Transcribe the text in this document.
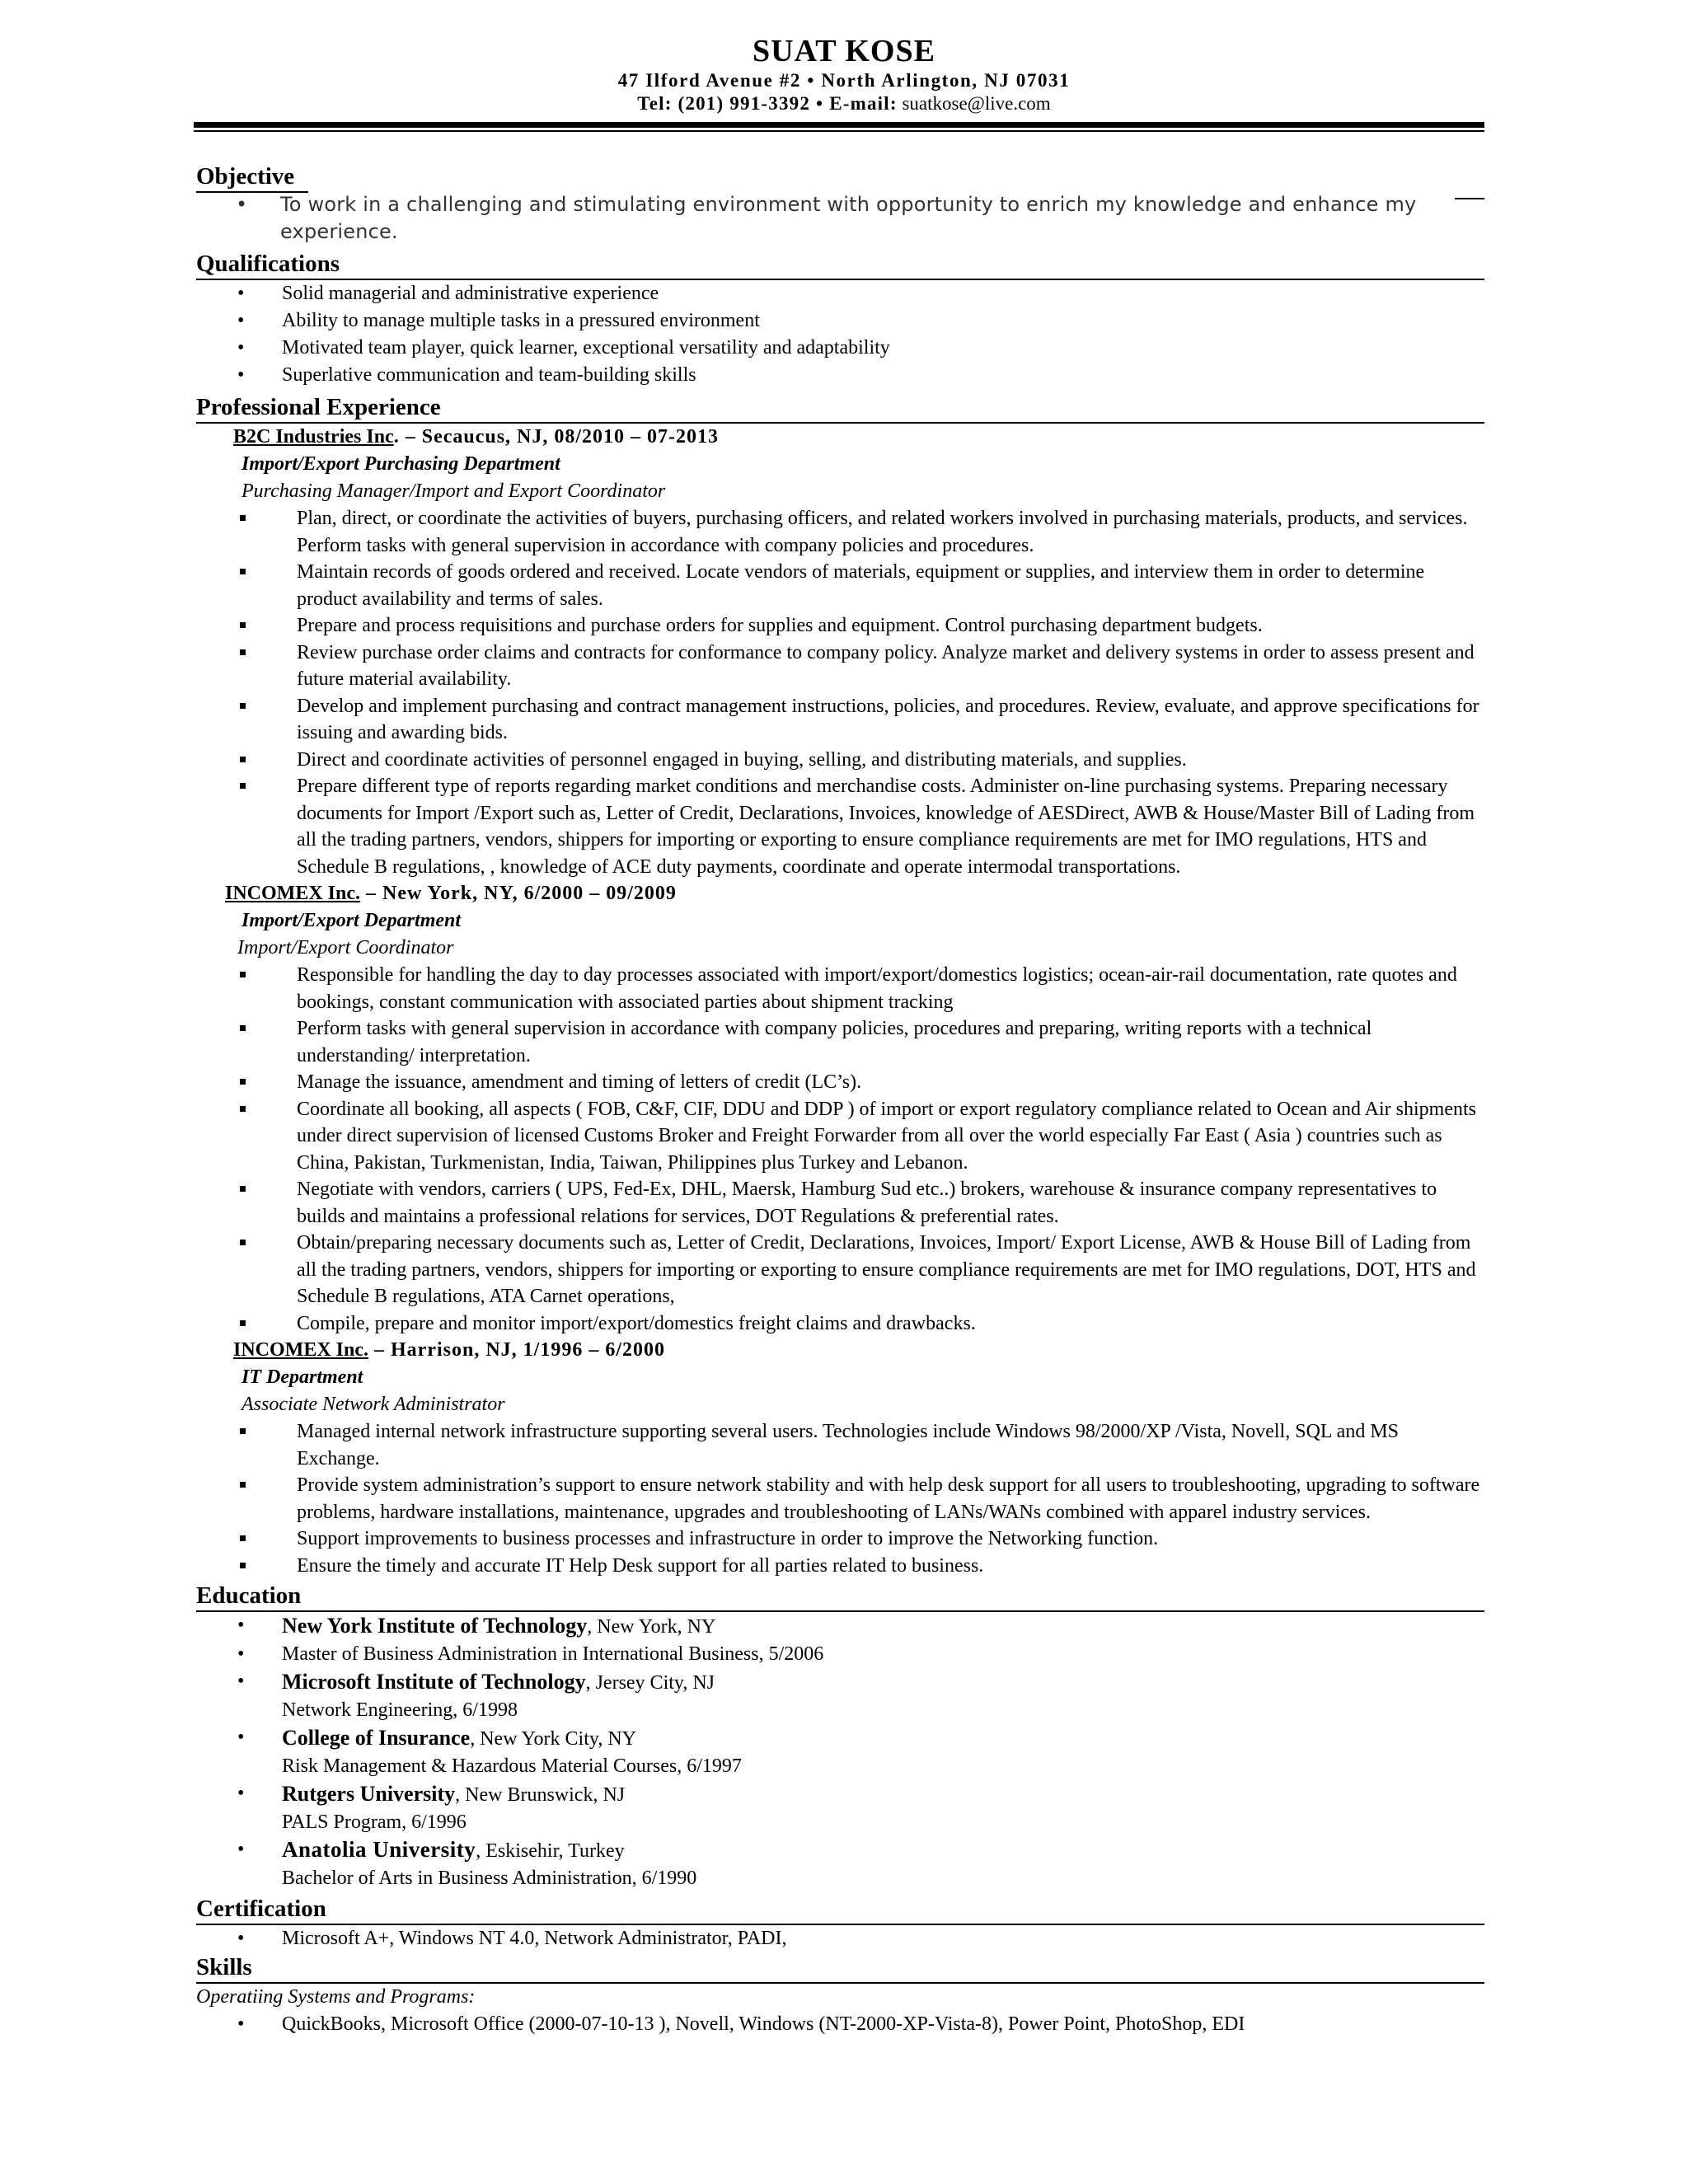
SUAT KOSE
47 Ilford Avenue #2 • North Arlington, NJ 07031
Tel: (201) 991-3392 • E-mail: suatkose@live.com
Objective
• To work in a challenging and stimulating environment with opportunity to enrich my knowledge and enhance my experience.
Qualifications
• Solid managerial and administrative experience
• Ability to manage multiple tasks in a pressured environment
• Motivated team player, quick learner, exceptional versatility and adaptability
• Superlative communication and team-building skills
Professional Experience
B2C Industries Inc. – Secaucus, NJ, 08/2010 – 07-2013
Import/Export Purchasing Department
Purchasing Manager/Import and Export Coordinator
Plan, direct, or coordinate the activities of buyers, purchasing officers, and related workers involved in purchasing materials, products, and services. Perform tasks with general supervision in accordance with company policies and procedures.
Maintain records of goods ordered and received. Locate vendors of materials, equipment or supplies, and interview them in order to determine product availability and terms of sales.
Prepare and process requisitions and purchase orders for supplies and equipment. Control purchasing department budgets.
Review purchase order claims and contracts for conformance to company policy. Analyze market and delivery systems in order to assess present and future material availability.
Develop and implement purchasing and contract management instructions, policies, and procedures. Review, evaluate, and approve specifications for issuing and awarding bids.
Direct and coordinate activities of personnel engaged in buying, selling, and distributing materials, and supplies.
Prepare different type of reports regarding market conditions and merchandise costs. Administer on-line purchasing systems. Preparing necessary documents for Import /Export such as, Letter of Credit, Declarations, Invoices, knowledge of AESDirect, AWB & House/Master Bill of Lading from all the trading partners, vendors, shippers for importing or exporting to ensure compliance requirements are met for IMO regulations, HTS and Schedule B regulations, , knowledge of ACE duty payments, coordinate and operate intermodal transportations.
INCOMEX Inc. – New York, NY, 6/2000 – 09/2009
Import/Export Department
Import/Export Coordinator
Responsible for handling the day to day processes associated with import/export/domestics logistics; ocean-air-rail documentation, rate quotes and bookings, constant communication with associated parties about shipment tracking
Perform tasks with general supervision in accordance with company policies, procedures and preparing, writing reports with a technical understanding/ interpretation.
Manage the issuance, amendment and timing of letters of credit (LC’s).
Coordinate all booking, all aspects ( FOB, C&F, CIF, DDU and DDP ) of import or export regulatory compliance related to Ocean and Air shipments under direct supervision of licensed Customs Broker and Freight Forwarder from all over the world especially Far East ( Asia ) countries such as China, Pakistan, Turkmenistan, India, Taiwan, Philippines plus Turkey and Lebanon.
Negotiate with vendors, carriers ( UPS, Fed-Ex, DHL, Maersk, Hamburg Sud etc..) brokers, warehouse & insurance company representatives to builds and maintains a professional relations for services, DOT Regulations & preferential rates.
Obtain/preparing necessary documents such as, Letter of Credit, Declarations, Invoices, Import/ Export License, AWB & House Bill of Lading from all the trading partners, vendors, shippers for importing or exporting to ensure compliance requirements are met for IMO regulations, DOT, HTS and Schedule B regulations, ATA Carnet operations,
Compile, prepare and monitor import/export/domestics freight claims and drawbacks.
INCOMEX Inc. – Harrison, NJ, 1/1996 – 6/2000
IT Department
Associate Network Administrator
Managed internal network infrastructure supporting several users. Technologies include Windows 98/2000/XP /Vista, Novell, SQL and MS Exchange.
Provide system administration’s support to ensure network stability and with help desk support for all users to troubleshooting, upgrading to software problems, hardware installations, maintenance, upgrades and troubleshooting of LANs/WANs combined with apparel industry services.
Support improvements to business processes and infrastructure in order to improve the Networking function.
Ensure the timely and accurate IT Help Desk support for all parties related to business.
Education
• New York Institute of Technology, New York, NY
• Master of Business Administration in International Business, 5/2006
• Microsoft Institute of Technology, Jersey City, NJ
Network Engineering, 6/1998
• College of Insurance, New York City, NY
Risk Management & Hazardous Material Courses, 6/1997
• Rutgers University, New Brunswick, NJ
PALS Program, 6/1996
• Anatolia University, Eskisehir, Turkey
Bachelor of Arts in Business Administration, 6/1990
Certification
• Microsoft A+, Windows NT 4.0, Network Administrator, PADI,
Skills
Operatiing Systems and Programs:
• QuickBooks, Microsoft Office (2000-07-10-13 ), Novell, Windows (NT-2000-XP-Vista-8), Power Point, PhotoShop, EDI
